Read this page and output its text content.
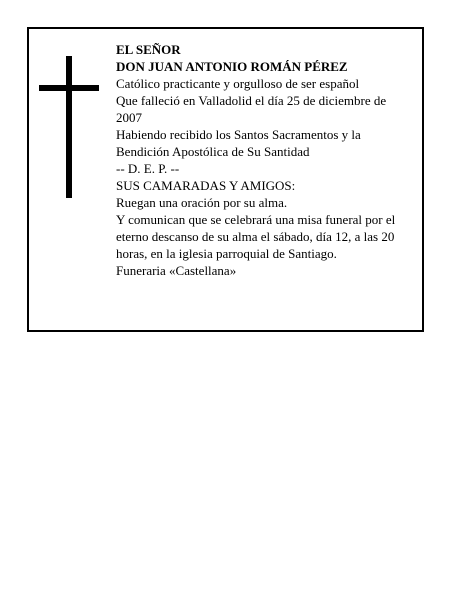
EL SEÑOR
DON JUAN ANTONIO ROMÁN PÉREZ
Católico practicante y orgulloso de ser español
Que falleció en Valladolid el día 25 de diciembre de 2007
Habiendo recibido los Santos Sacramentos y la Bendición Apostólica de Su Santidad
-- D. E. P. --
SUS CAMARADAS Y AMIGOS:
Ruegan una oración por su alma.
Y comunican que se celebrará una misa funeral por el eterno descanso de su alma el sábado, día 12, a las 20 horas, en la iglesia parroquial de Santiago.
Funeraria «Castellana»
